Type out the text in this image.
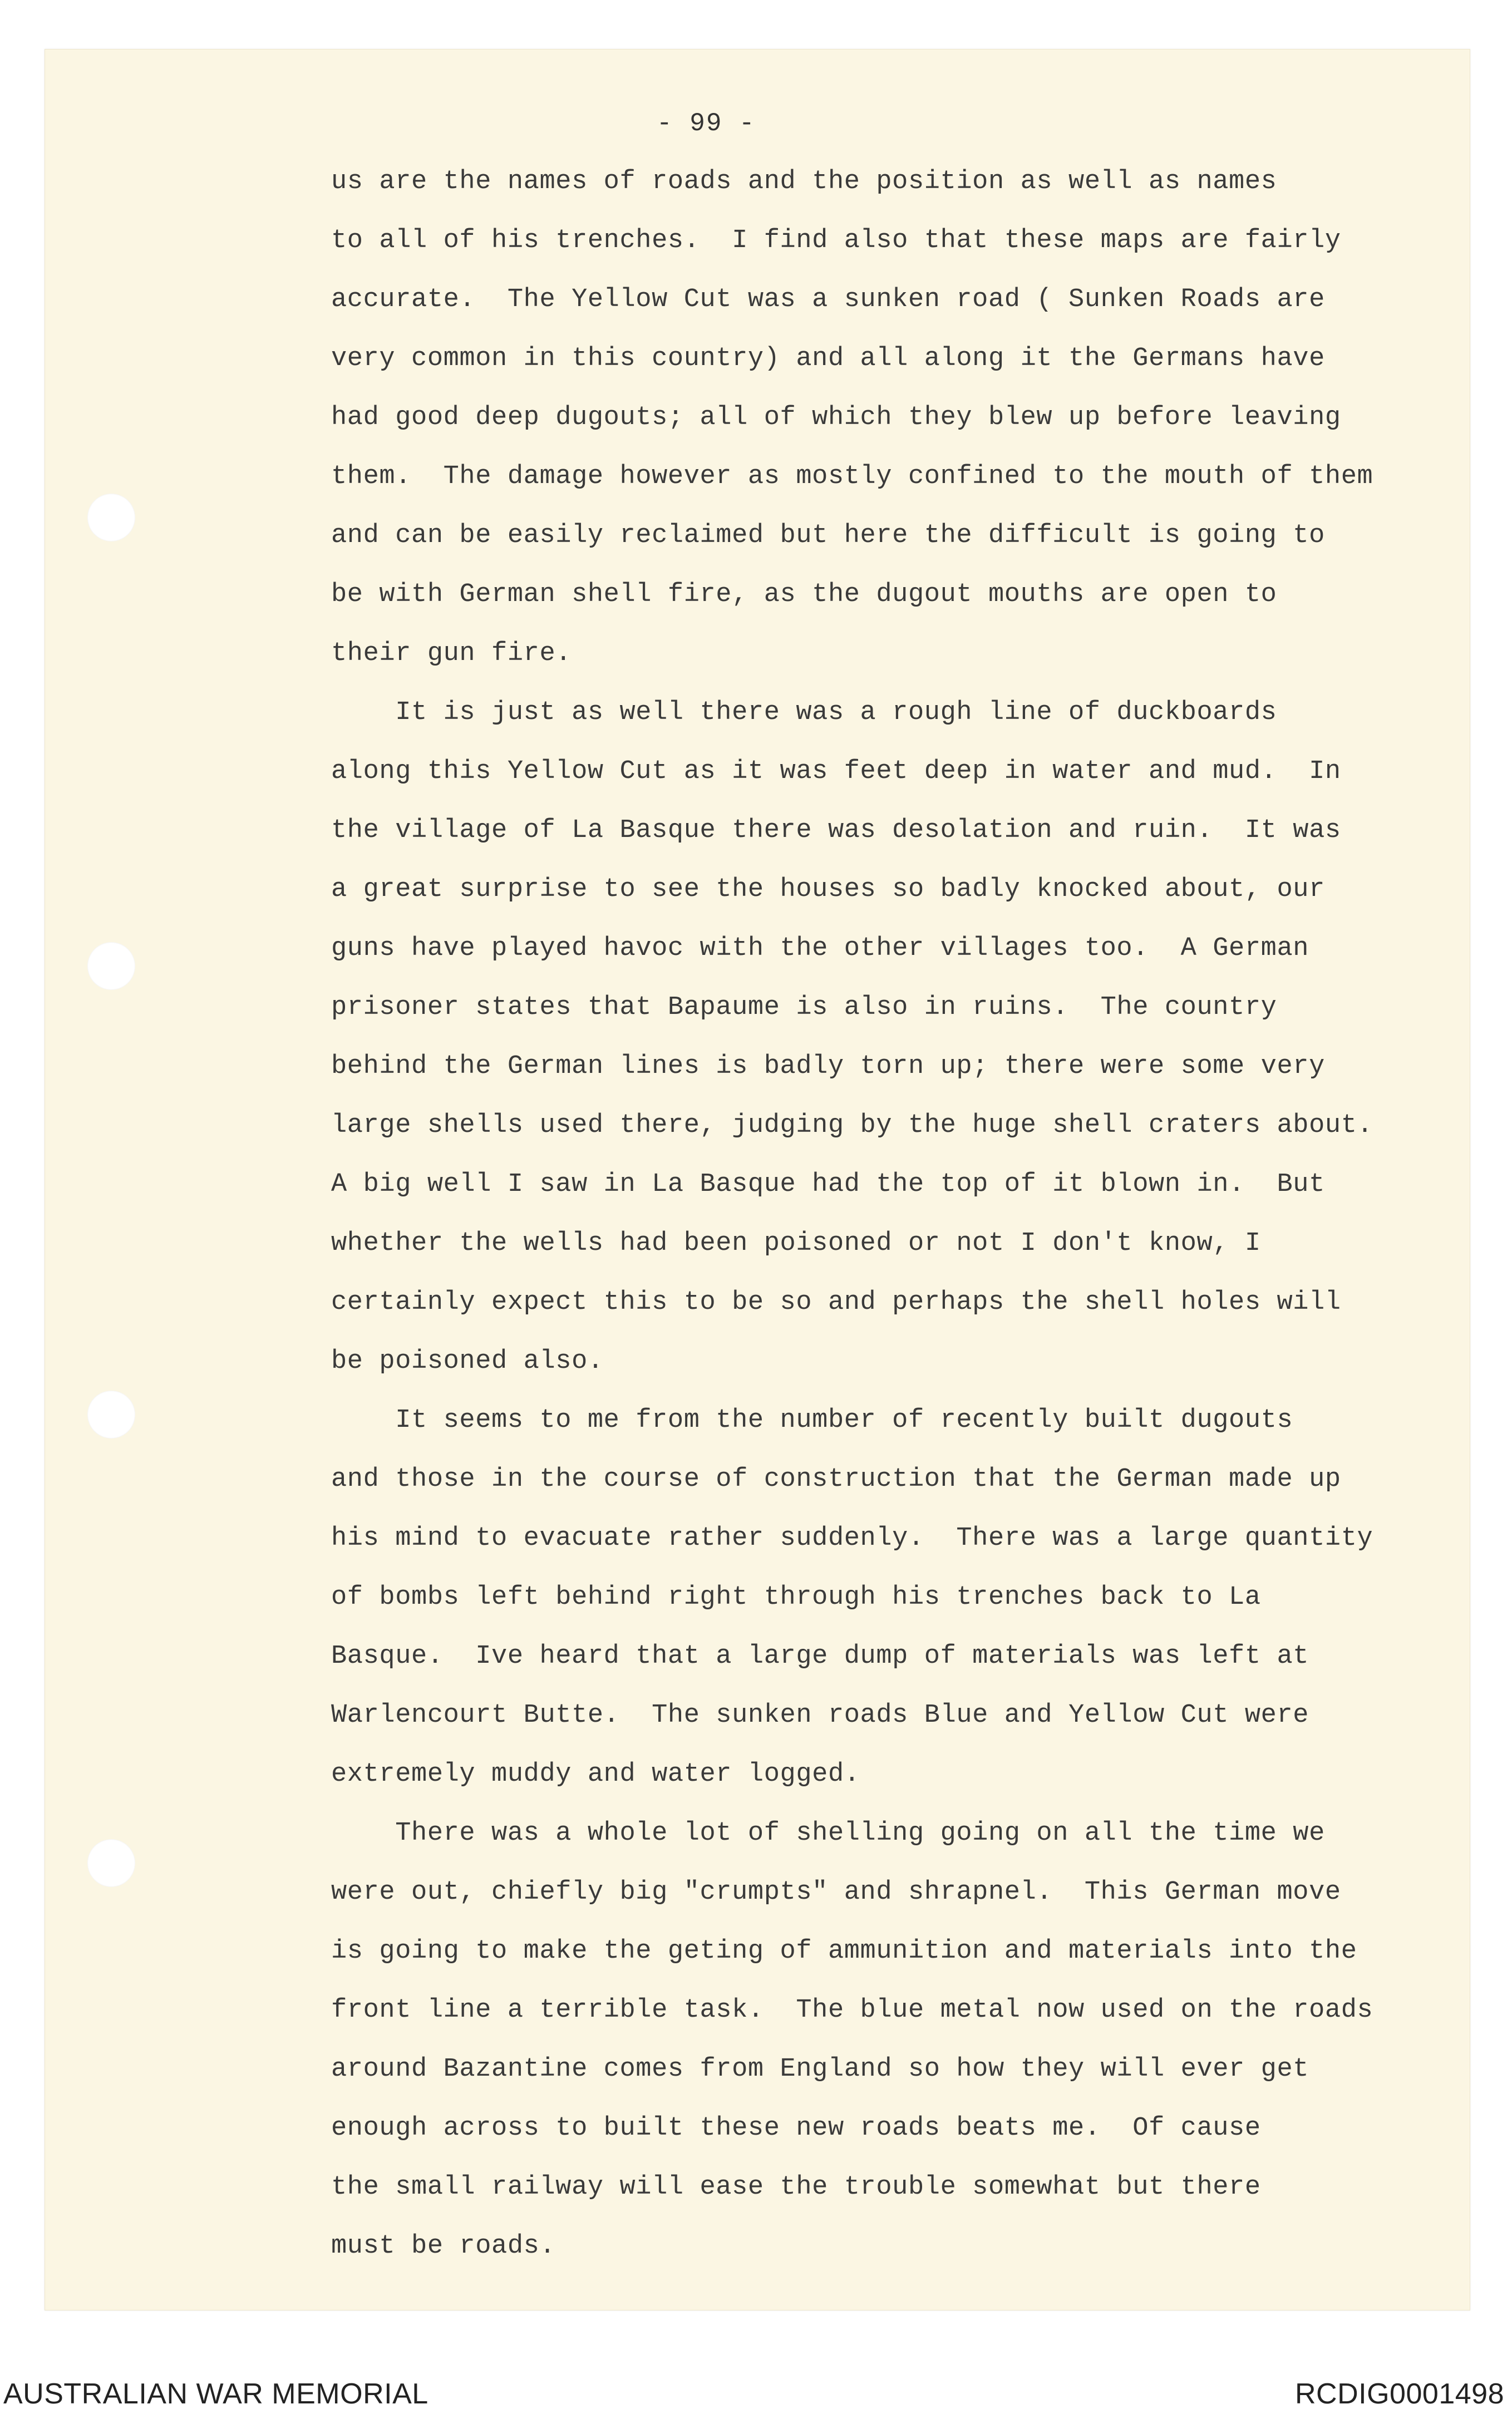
- 99 -
us are the names of roads and the position as well as names
to all of his trenches.  I find also that these maps are fairly
accurate.  The Yellow Cut was a sunken road ( Sunken Roads are
very common in this country) and all along it the Germans have
had good deep dugouts; all of which they blew up before leaving
them.  The damage however as mostly confined to the mouth of them
and can be easily reclaimed but here the difficult is going to
be with German shell fire, as the dugout mouths are open to
their gun fire.
It is just as well there was a rough line of duckboards
along this Yellow Cut as it was feet deep in water and mud.  In
the village of La Basque there was desolation and ruin.  It was
a great surprise to see the houses so badly knocked about, our
guns have played havoc with the other villages too.  A German
prisoner states that Bapaume is also in ruins.  The country
behind the German lines is badly torn up; there were some very
large shells used there, judging by the huge shell craters about.
A big well I saw in La Basque had the top of it blown in.  But
whether the wells had been poisoned or not I don't know, I
certainly expect this to be so and perhaps the shell holes will
be poisoned also.
It seems to me from the number of recently built dugouts
and those in the course of construction that the German made up
his mind to evacuate rather suddenly.  There was a large quantity
of bombs left behind right through his trenches back to La
Basque.  Ive heard that a large dump of materials was left at
Warlencourt Butte.  The sunken roads Blue and Yellow Cut were
extremely muddy and water logged.
There was a whole lot of shelling going on all the time we
were out, chiefly big "crumpts" and shrapnel.  This German move
is going to make the geting of ammunition and materials into the
front line a terrible task.  The blue metal now used on the roads
around Bazantine comes from England so how they will ever get
enough across to built these new roads beats me.  Of cause
the small railway will ease the trouble somewhat but there
must be roads.
AUSTRALIAN WAR MEMORIAL	RCDIG0001498
